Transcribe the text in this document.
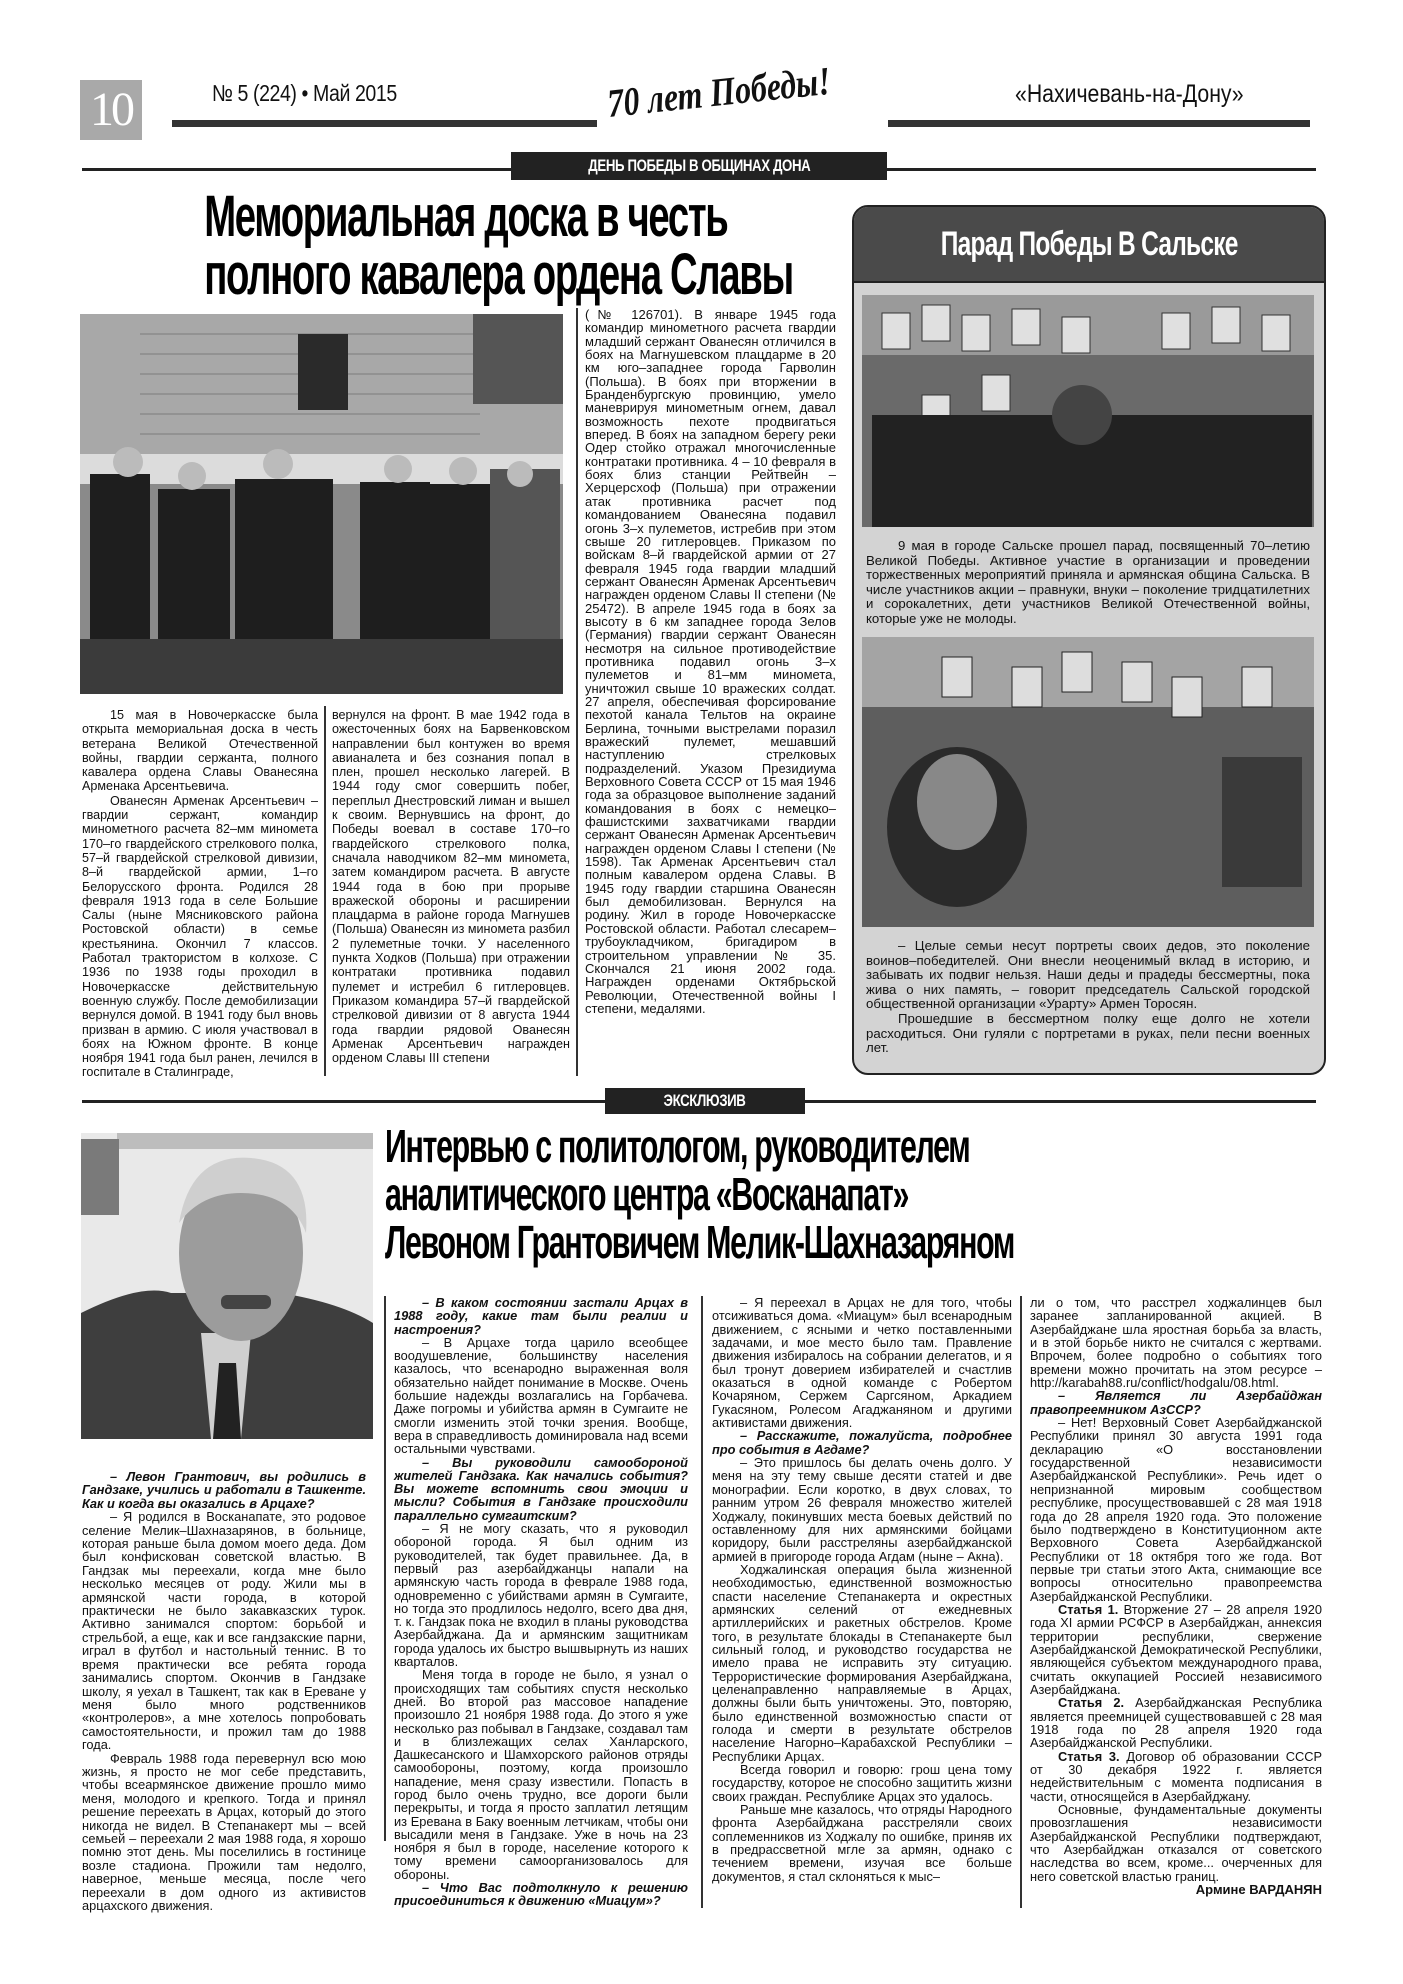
10	№ 5 (224) • Май 2015	70 лет Победы!	«Нахичевань-на-Дону»
ДЕНЬ ПОБЕДЫ В ОБЩИНАХ ДОНА
Мемориальная доска в честь
полного кавалера ордена Славы

15 мая в Новочеркасске была открыта мемориальная доска в честь ветерана Великой Отечественной войны, гвардии сержанта, полного кавалера ордена Славы Ованесяна Арменака Арсентьевича.

Ованесян Арменак Арсентьевич – гвардии сержант, командир минометного расчета 82–мм минометa 170–го гвардейского стрелкового полка, 57–й гвардейской стрелковой дивизии, 8–й гвардейской армии, 1–го Белорусского фронта. Родился 28 февраля 1913 года в селе Большие Салы (ныне Мясниковского района Ростовской области) в семье крестьянина. Окончил 7 классов. Работал трактористом в колхозе. С 1936 по 1938 годы проходил в Новочеркасске действительную военную службу. После демобилизации вернулся домой. В 1941 году был вновь призван в армию. С июля участвовал в боях на Южном фронте. В конце ноября 1941 года был ранен, лечился в госпитале в Сталинграде,

вернулся на фронт. В мае 1942 года в ожесточенных боях на Барвенковском направлении был контужен во время авианалета и без сознания попал в плен, прошел несколько лагерей. В 1944 году смог совершить побег, переплыл Днестровский лиман и вышел к своим. Вернувшись на фронт, до Победы воевал в составе 170–го гвардейского стрелкового полка, сначала наводчиком 82–мм миномета, затем командиром расчета. В августе 1944 года в бою при прорыве вражеской обороны и расширении плацдарма в районе города Магнушев (Польша) Ованесян из миномета разбил 2 пулеметные точки. У населенного пункта Ходков (Польша) при отражении контратаки противника подавил пулемет и истребил 6 гитлеровцев. Приказом командира 57–й гвардейской стрелковой дивизии от 8 августа 1944 года гвардии рядовой Ованесян Арменак Арсентьевич награжден орденом Славы III степени

(№ 126701). В январе 1945 года командир минометного расчета гвардии младший сержант Ованесян отличился в боях на Магнушевском плацдарме в 20 км юго–западнее города Гарволин (Польша). В боях при вторжении в Бранденбургскую провинцию, умело маневрируя минометным огнем, давал возможность пехоте продвигаться вперед. В боях на западном берегу реки Одер стойко отражал многочисленные контратаки противника. 4 – 10 февраля в боях близ станции Рейтвейн – Херцерсхоф (Польша) при отражении атак противника расчет под командованием Ованесяна подавил огонь 3–х пулеметов, истребив при этом свыше 20 гитлеровцев. Приказом по войскам 8–й гвардейской армии от 27 февраля 1945 года гвардии младший сержант Ованесян Арменак Арсентьевич награжден орденом Славы II степени (№ 25472). В апреле 1945 года в боях за высоту в 6 км западнее города Зелов (Германия) гвардии сержант Ованесян несмотря на сильное противодействие противника подавил огонь 3–х пулеметов и 81–мм миномета, уничтожил свыше 10 вражеских солдат. 27 апреля, обеспечивая форсирование пехотой канала Тельтов на окраине Берлина, точными выстрелами поразил вражеский пулемет, мешавший наступлению стрелковых подразделений. Указом Президиума Верховного Совета СССР от 15 мая 1946 года за образцовое выполнение заданий командования в боях с немецко–фашистскими захватчиками гвардии сержант Ованесян Арменак Арсентьевич награжден орденом Славы I степени (№ 1598). Так Арменак Арсентьевич стал полным кавалером ордена Славы. В 1945 году гвардии старшина Ованесян был демобилизован. Вернулся на родину. Жил в городе Новочеркасске Ростовской области. Работал слесарем–трубоукладчиком, бригадиром в строительном управлении № 35. Скончался 21 июня 2002 года. Награжден орденами Октябрьской Революции, Отечественной войны I степени, медалями.

Парад Победы В Сальске

9 мая в городе Сальске прошел парад, посвященный 70–летию Великой Победы. Активное участие в организации и проведении торжественных мероприятий приняла и армянская община Сальска. В числе участников акции – правнуки, внуки – поколение тридцатилетних и сорокалетних, дети участников Великой Отечественной войны, которые уже не молоды.

– Целые семьи несут портреты своих дедов, это поколение воинов–победителей. Они внесли неоценимый вклад в историю, и забывать их подвиг нельзя. Наши деды и прадеды бессмертны, пока жива о них память, – говорит председатель Сальской городской общественной организации «Урарту» Армен Торосян.

Прошедшие в бессмертном полку еще долго не хотели расходиться. Они гуляли с портретами в руках, пели песни военных лет.

ЭКСКЛЮЗИВ
Интервью с политологом, руководителем
аналитического центра «Восканапат»
Левоном Грантовичем Мелик-Шахназаряном

– Левон Грантович, вы родились в Гандзаке, учились и работали в Ташкенте. Как и когда вы оказались в Арцахе?

– Я родился в Восканапате, это родовое селение Мелик–Шахназарянов, в больнице, которая раньше была домом моего деда. Дом был конфискован советской властью. В Гандзак мы переехали, когда мне было несколько месяцев от роду. Жили мы в армянской части города, в которой практически не было закавказских турок. Активно занимался спортом: борьбой и стрельбой, а еще, как и все гандзакские парни, играл в футбол и настольный теннис. В то время практически все ребята города занимались спортом. Окончив в Гандзаке школу, я уехал в Ташкент, так как в Ереване у меня было много родственников «контролеров», а мне хотелось попробовать самостоятельности, и прожил там до 1988 года.

Февраль 1988 года перевернул всю мою жизнь, я просто не мог себе представить, чтобы всеармянское движение прошло мимо меня, молодого и крепкого. Тогда и принял решение переехать в Арцах, который до этого никогда не видел. В Степанакерт мы – всей семьей – переехали 2 мая 1988 года, я хорошо помню этот день. Мы поселились в гостинице возле стадиона. Прожили там недолго, наверное, меньше месяца, после чего переехали в дом одного из активистов арцахского движения.

– В каком состоянии застали Арцах в 1988 году, какие там были реалии и настроения?

– В Арцахе тогда царило всеобщее воодушевление, большинству населения казалось, что всенародно выраженная воля обязательно найдет понимание в Москве. Очень большие надежды возлагались на Горбачева. Даже погромы и убийства армян в Сумгаите не смогли изменить этой точки зрения. Вообще, вера в справедливость доминировала над всеми остальными чувствами.

– Вы руководили самообороной жителей Гандзака. Как начались события? Вы можете вспомнить свои эмоции и мысли? События в Гандзаке происходили параллельно сумгаитским?

– Я не могу сказать, что я руководил обороной города. Я был одним из руководителей, так будет правильнее. Да, в первый раз азербайджанцы напали на армянскую часть города в феврале 1988 года, одновременно с убийствами армян в Сумгаите, но тогда это продлилось недолго, всего два дня, т. к. Гандзак пока не входил в планы руководства Азербайджана. Да и армянским защитникам города удалось их быстро вышвырнуть из наших кварталов.

Меня тогда в городе не было, я узнал о происходящих там событиях спустя несколько дней. Во второй раз массовое нападение произошло 21 ноября 1988 года. До этого я уже несколько раз побывал в Гандзаке, создавал там и в близлежащих селах Ханларского, Дашкесанского и Шамхорского районов отряды самообороны, поэтому, когда произошло нападение, меня сразу известили. Попасть в город было очень трудно, все дороги были перекрыты, и тогда я просто заплатил летящим из Еревана в Баку военным летчикам, чтобы они высадили меня в Гандзаке. Уже в ночь на 23 ноября я был в городе, население которого к тому времени самоорганизовалось для обороны.

– Что Вас подтолкнуло к решению присоединиться к движению «Миацум»?

– Я переехал в Арцах не для того, чтобы отсиживаться дома. «Миацум» был всенародным движением, с ясными и четко поставленными задачами, и мое место было там. Правление движения избиралось на собрании делегатов, и я был тронут доверием избирателей и счастлив оказаться в одной команде с Робертом Кочаряном, Сержем Саргсяном, Аркадием Гукасяном, Ролесом Агаджаняном и другими активистами движения.

– Расскажите, пожалуйста, подробнее про события в Агдаме?

– Это пришлось бы делать очень долго. У меня на эту тему свыше десяти статей и две монографии. Если коротко, в двух словах, то ранним утром 26 февраля множество жителей Ходжалу, покинувших места боевых действий по оставленному для них армянскими бойцами коридору, были расстреляны азербайджанской армией в пригороде города Агдам (ныне – Акна).

Ходжалинская операция была жизненной необходимостью, единственной возможностью спасти население Степанакерта и окрестных армянских селений от ежедневных артиллерийских и ракетных обстрелов. Кроме того, в результате блокады в Степанакерте был сильный голод, и руководство государства не имело права не исправить эту ситуацию. Террористические формирования Азербайджана, целенаправленно направляемые в Арцах, должны были быть уничтожены. Это, повторяю, было единственной возможностью спасти от голода и смерти в результате обстрелов население Нагорно–Карабахской Республики – Республики Арцах.

Всегда говорил и говорю: грош цена тому государству, которое не способно защитить жизни своих граждан. Республике Арцах это удалось.

Раньше мне казалось, что отряды Народного фронта Азербайджана расстреляли своих соплеменников из Ходжалу по ошибке, приняв их в предрассветной мгле за армян, однако с течением времени, изучая все больше документов, я стал склоняться к мыс–

ли о том, что расстрел ходжалинцев был заранее запланированной акцией. В Азербайджане шла яростная борьба за власть, и в этой борьбе никто не считался с жертвами. Впрочем, более подробно о событиях того времени можно прочитать на этом ресурсе – http://karabah88.ru/conflict/hodgalu/08.html.

– Является ли Азербайджан правопреемником АзССР?

– Нет! Верховный Совет Азербайджанской Республики принял 30 августа 1991 года декларацию «О восстановлении государственной независимости Азербайджанской Республики». Речь идет о непризнанной мировым сообществом республике, просуществовавшей с 28 мая 1918 года до 28 апреля 1920 года. Это положение было подтверждено в Конституционном акте Верховного Совета Азербайджанской Республики от 18 октября того же года. Вот первые три статьи этого Акта, снимающие все вопросы относительно правопреемства Азербайджанской Республики.

Статья 1. Вторжение 27 – 28 апреля 1920 года XI армии РСФСР в Азербайджан, аннексия территории республики, свержение Азербайджанской Демократической Республики, являющейся субъектом международного права, считать оккупацией Россией независимого Азербайджана.

Статья 2. Азербайджанская Республика является преемницей существовавшей с 28 мая 1918 года по 28 апреля 1920 года Азербайджанской Республики.

Статья 3. Договор об образовании СССР от 30 декабря 1922 г. является недействительным с момента подписания в части, относящейся в Азербайджану.

Основные, фундаментальные документы провозглашения независимости Азербайджанской Республики подтверждают, что Азербайджан отказался от советского наследства во всем, кроме... очерченных для него советской властью границ.

Армине ВАРДАНЯН
